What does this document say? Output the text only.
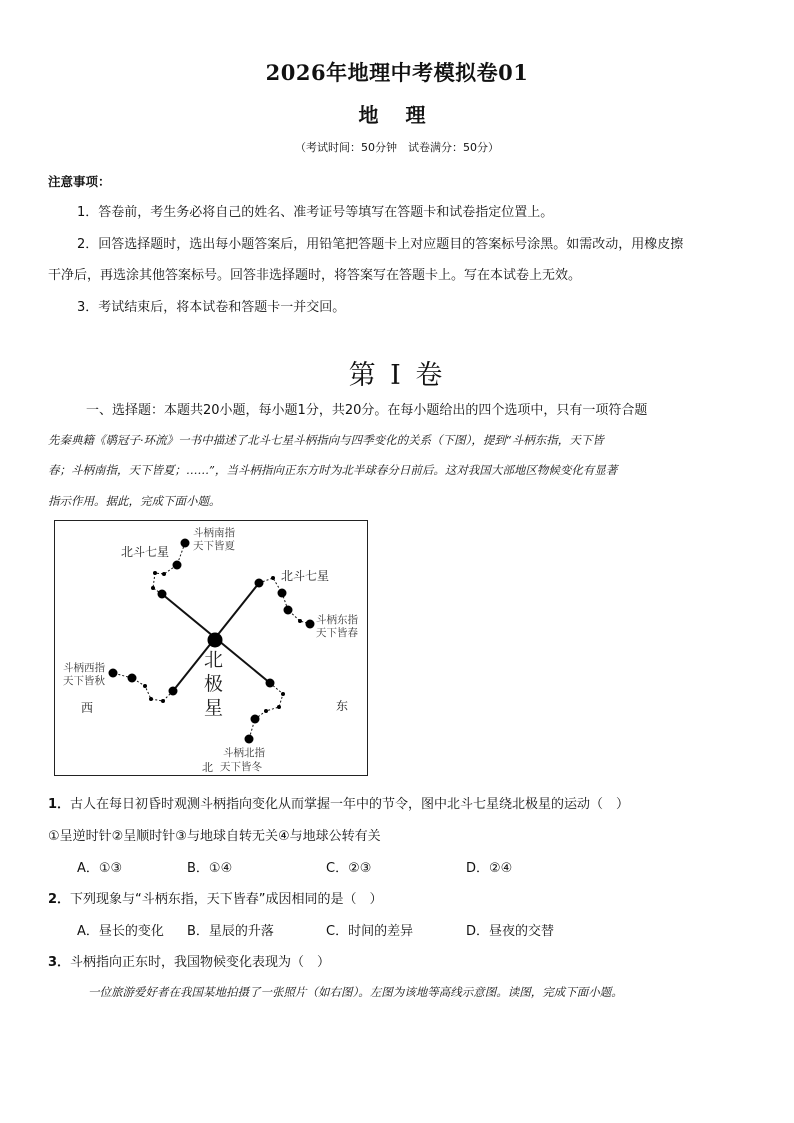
2026年地理中考模拟卷01
地 理
（考试时间：50分钟　试卷满分：50分）
注意事项：
1．答卷前，考生务必将自己的姓名、准考证号等填写在答题卡和试卷指定位置上。
2．回答选择题时，选出每小题答案后，用铅笔把答题卡上对应题目的答案标号涂黑。如需改动，用橡皮擦
干净后，再选涂其他答案标号。回答非选择题时，将答案写在答题卡上。写在本试卷上无效。
3．考试结束后，将本试卷和答题卡一并交回。
第 I 卷
一、选择题：本题共20小题，每小题1分，共20分。在每小题给出的四个选项中，只有一项符合题
先秦典籍《鹖冠子·环流》一书中描述了北斗七星斗柄指向与四季变化的关系（下图），提到“斗柄东指，天下皆
春；斗柄南指，天下皆夏；……”，当斗柄指向正东方时为北半球春分日前后。这对我国大部地区物候变化有显著
指示作用。据此，完成下面小题。
斗柄南指
天下皆夏
北斗七星
北斗七星
斗柄东指
天下皆春
斗柄西指
天下皆秋
西	东
北
极
星
斗柄北指
北 天下皆冬
1．古人在每日初昏时观测斗柄指向变化从而掌握一年中的节令，图中北斗七星绕北极星的运动（　）
①呈逆时针②呈顺时针③与地球自转无关④与地球公转有关
A．①③	B．①④	C．②③	D．②④
2．下列现象与“斗柄东指，天下皆春”成因相同的是（　）
A．昼长的变化 B．星辰的升落	C．时间的差异	D．昼夜的交替
3．斗柄指向正东时，我国物候变化表现为（　）
一位旅游爱好者在我国某地拍摄了一张照片（如右图）。左图为该地等高线示意图。读图，完成下面小题。
